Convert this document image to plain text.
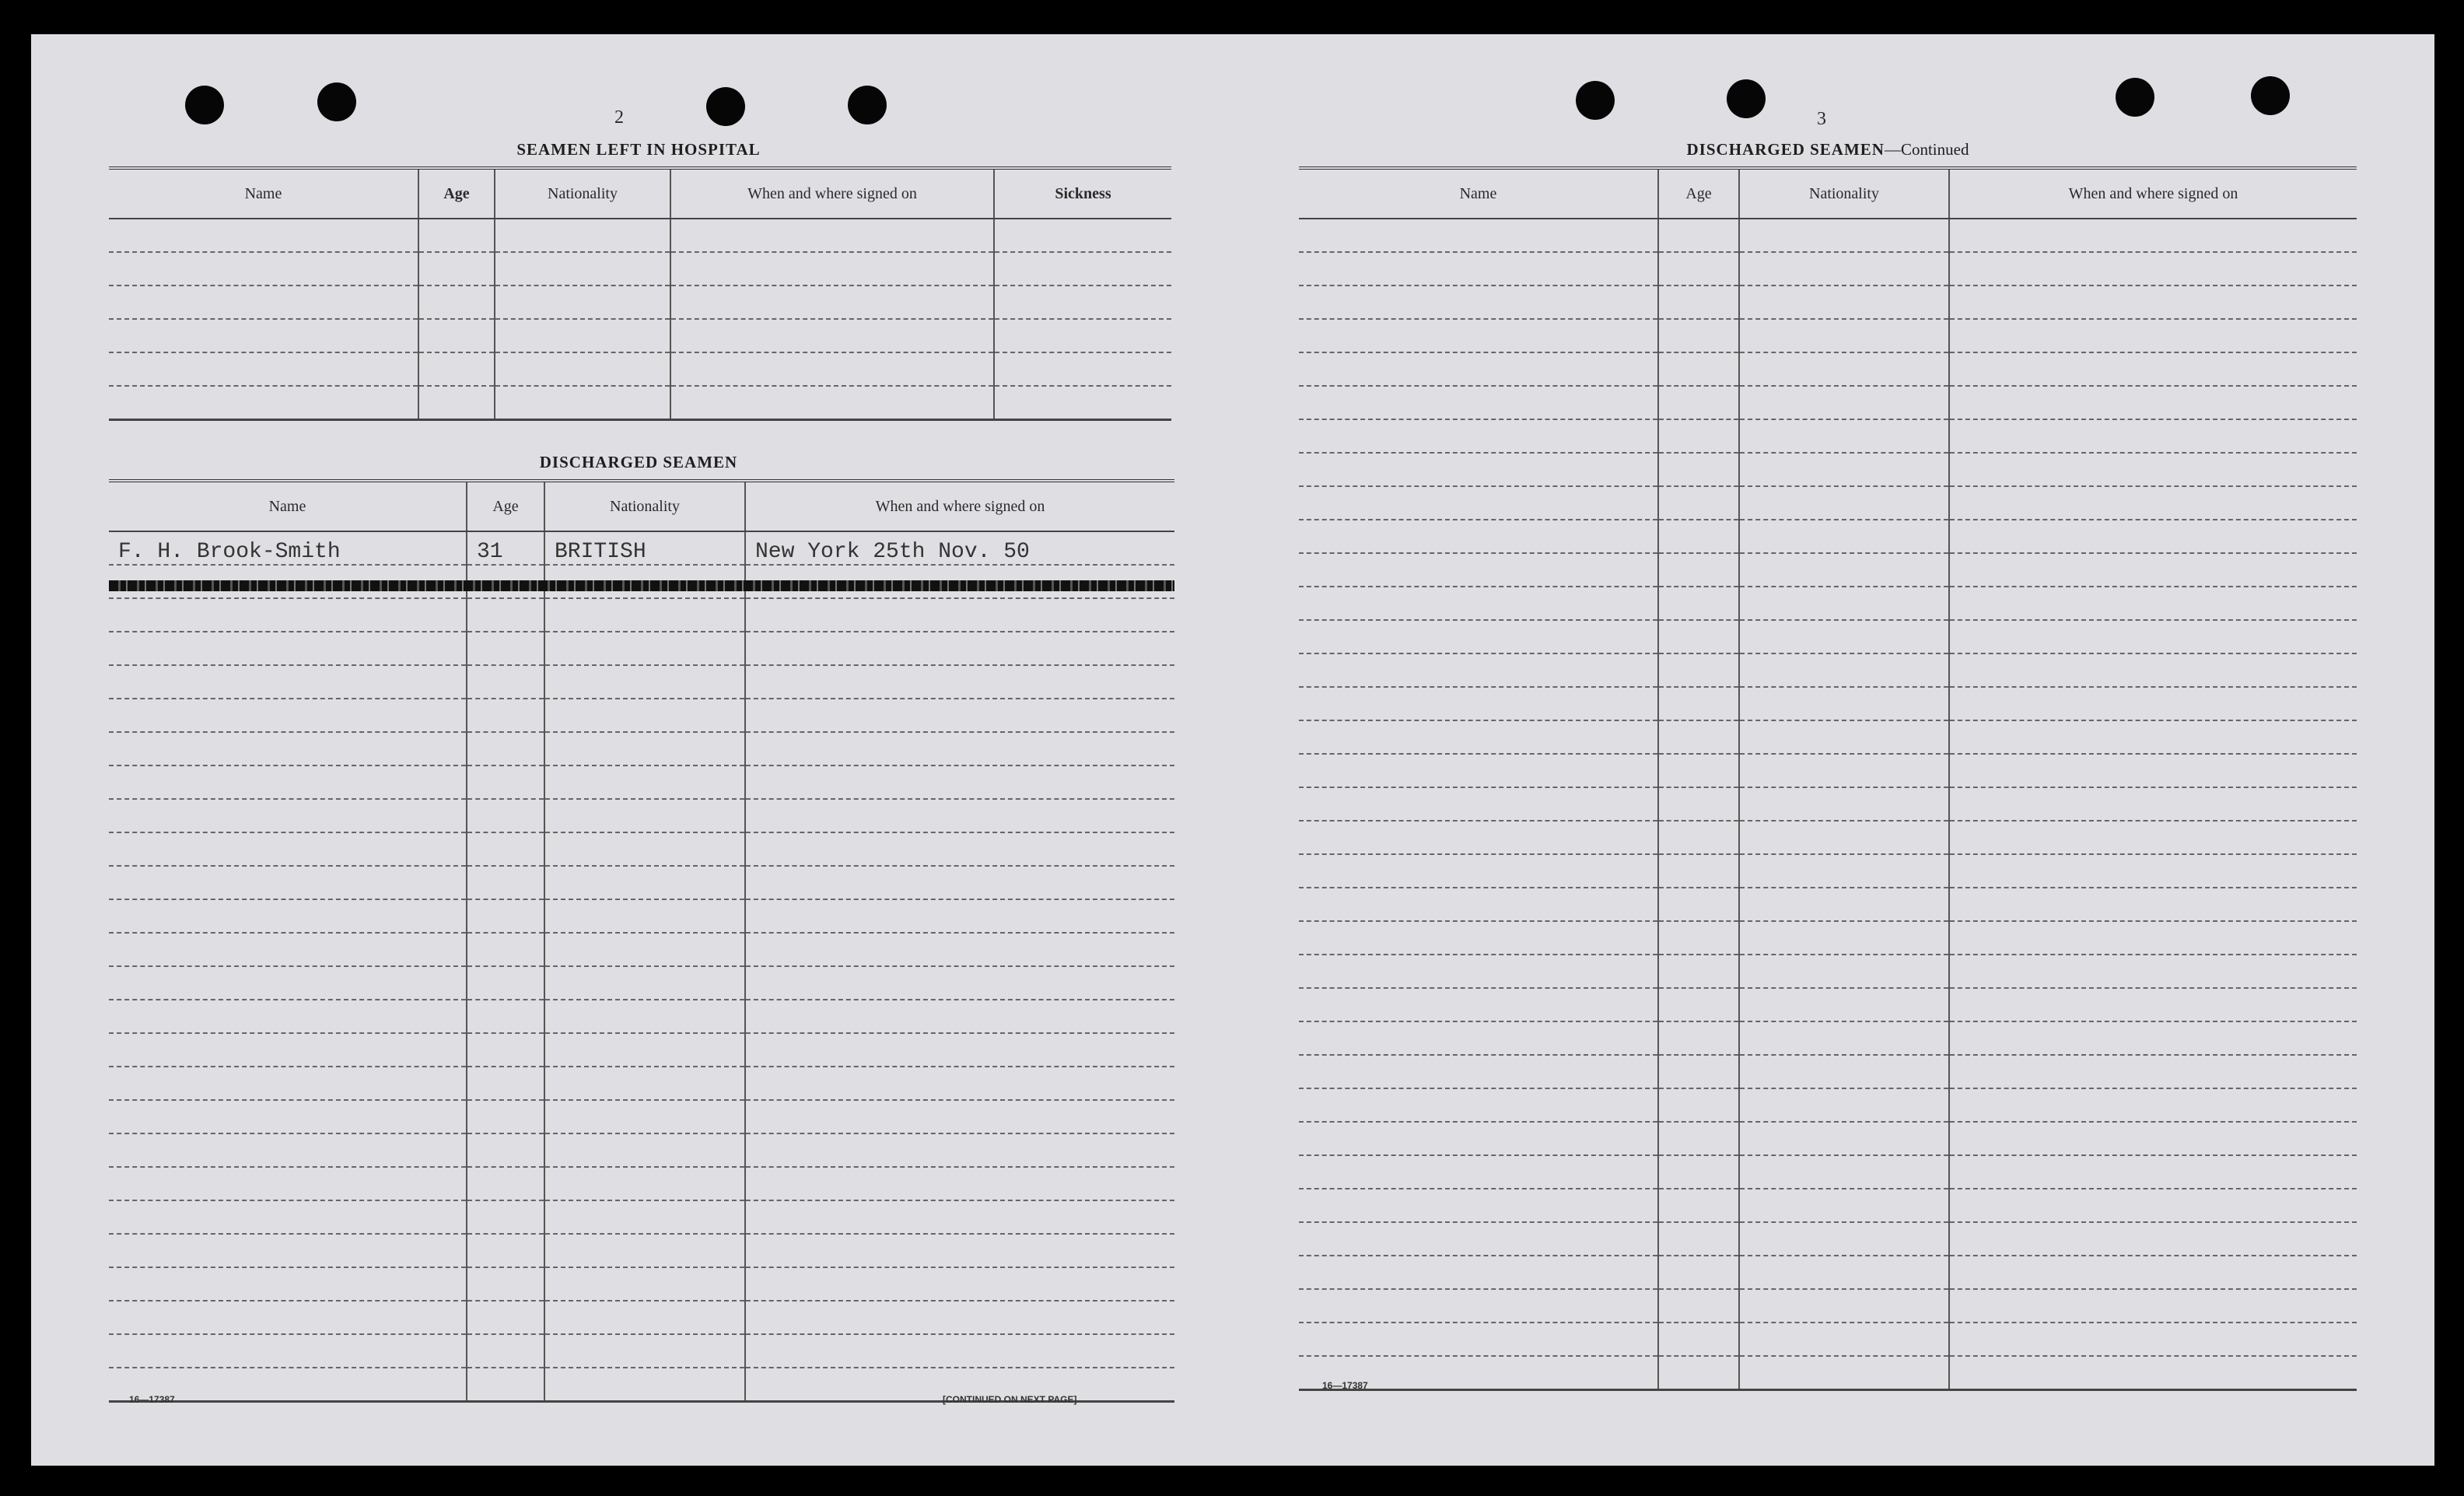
2
SEAMEN LEFT IN HOSPITAL
Name	Age	Nationality	When and where signed on	Sickness

DISCHARGED SEAMEN
Name	Age	Nationality	When and where signed on
F. H. Brook-Smith	31	BRITISH	New York 25th Nov. 50

16—17387	[CONTINUED ON NEXT PAGE]
3
DISCHARGED SEAMEN—Continued
Name	Age	Nationality	When and where signed on

16—17387
